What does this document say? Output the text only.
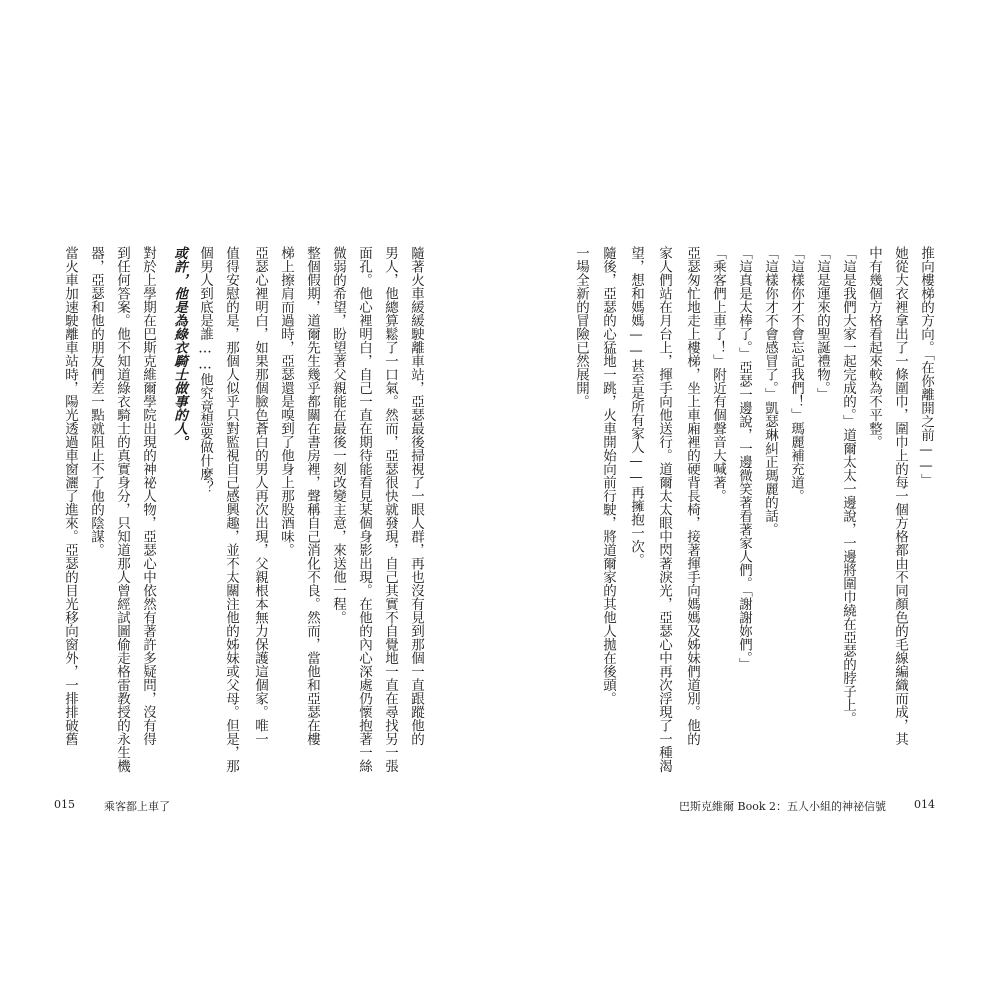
當火車加速駛離車站時，陽光透過車窗灑了進來。亞瑟的目光移向窗外，一排排破舊 器，亞瑟和他的朋友們差一點就阻止不了他的陰謀。 到任何答案。他不知道綠衣騎士的真實身分，只知道那人曾經試圖偷走格雷教授的永生機 對於上學期在巴斯克維爾學院出現的神祕人物，亞瑟心中依然有著許多疑問，沒有得	或許，他是為綠衣騎士做事的人。 個男人到底是誰……他究竟想要做什麼？ 值得安慰的是，那個人似乎只對監視自己感興趣，並不太關注他的姊妹或父母。但是，那 亞瑟心裡明白，如果那個臉色蒼白的男人再次出現，父親根本無力保護這個家。唯一 梯上擦肩而過時，亞瑟還是嗅到了他身上那股酒味。 整個假期，道爾先生幾乎都關在書房裡，聲稱自己消化不良。然而，當他和亞瑟在樓 微弱的希望，盼望著父親能在最後一刻改變主意，來送他一程。 面孔。他心裡明白，自己一直在期待能看見某個身影出現。在他的內心深處仍懷抱著一絲 男人，他總算鬆了一口氣。然而，亞瑟很快就發現，自己其實不自覺地一直在尋找另一張 隨著火車緩緩駛離車站，亞瑟最後掃視了一眼人群，再也沒有見到那個一直跟蹤他的
015	乘客都上車了
一場全新的冒險已然展開。 隨後，亞瑟的心猛地一跳，火車開始向前行駛，將道爾家的其他人拋在後頭。 望，想和媽媽——甚至是所有家人——再擁抱一次。 家人們站在月台上，揮手向他送行。道爾太太眼中閃著淚光，亞瑟心中再次浮現了一種渴 亞瑟匆忙地走上樓梯，坐上車廂裡的硬背長椅，接著揮手向媽媽及姊妹們道別。他的 「乘客們上車了！」附近有個聲音大喊著。 「這真是太棒了。」亞瑟一邊說，一邊微笑著看著家人們。「謝謝妳們。」 「這樣你才不會感冒了。」凱瑟琳糾正瑪麗的話。 「這樣你才不會忘記我們！」瑪麗補充道。 「這是運來的聖誕禮物。」 「這是我們大家一起完成的。」道爾太太一邊說，一邊將圍巾繞在亞瑟的脖子上。 中有幾個方格看起來較為不平整。 她從大衣裡拿出了一條圍巾，圍巾上的每一個方格都由不同顏色的毛線編織而成，其 推向樓梯的方向。「在你離開之前——」
巴斯克維爾 Book 2：五人小組的神祕信號	014
